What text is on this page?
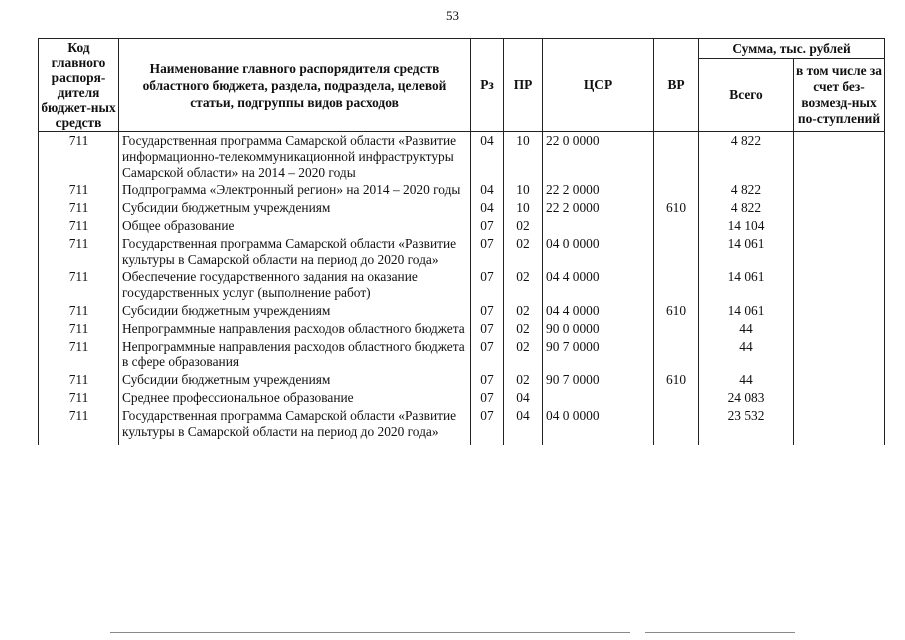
53
Код главного распоря-дителя бюджет-ных средств	Наименование главного распорядителя средств областного бюджета, раздела, подраздела, целевой статьи, подгруппы видов расходов	Рз	ПР	ЦСР	ВР	Сумма, тыс. рублей	
						Всего	в том числе за счет без-возмезд-ных по-ступлений
711	Государственная программа Самарской области «Развитие информационно-телекоммуникационной инфраструктуры Самарской области» на 2014 – 2020 годы	04	10	22 0 0000		4 822	
711	Подпрограмма «Электронный регион» на 2014 – 2020 годы	04	10	22 2 0000		4 822	
711	Субсидии бюджетным учреждениям	04	10	22 2 0000	610	4 822	
711	Общее образование	07	02			14 104	
711	Государственная программа Самарской области «Развитие культуры в Самарской области на период до 2020 года»	07	02	04 0 0000		14 061	
711	Обеспечение государственного задания на оказание государственных услуг (выполнение работ)	07	02	04 4 0000		14 061	
711	Субсидии бюджетным учреждениям	07	02	04 4 0000	610	14 061	
711	Непрограммные направления расходов областного бюджета	07	02	90 0 0000		44	
711	Непрограммные направления расходов областного бюджета в сфере образования	07	02	90 7 0000		44	
711	Субсидии бюджетным учреждениям	07	02	90 7 0000	610	44	
711	Среднее профессиональное образование	07	04			24 083	
711	Государственная программа Самарской области «Развитие культуры в Самарской области на период до 2020 года»	07	04	04 0 0000		23 532	
